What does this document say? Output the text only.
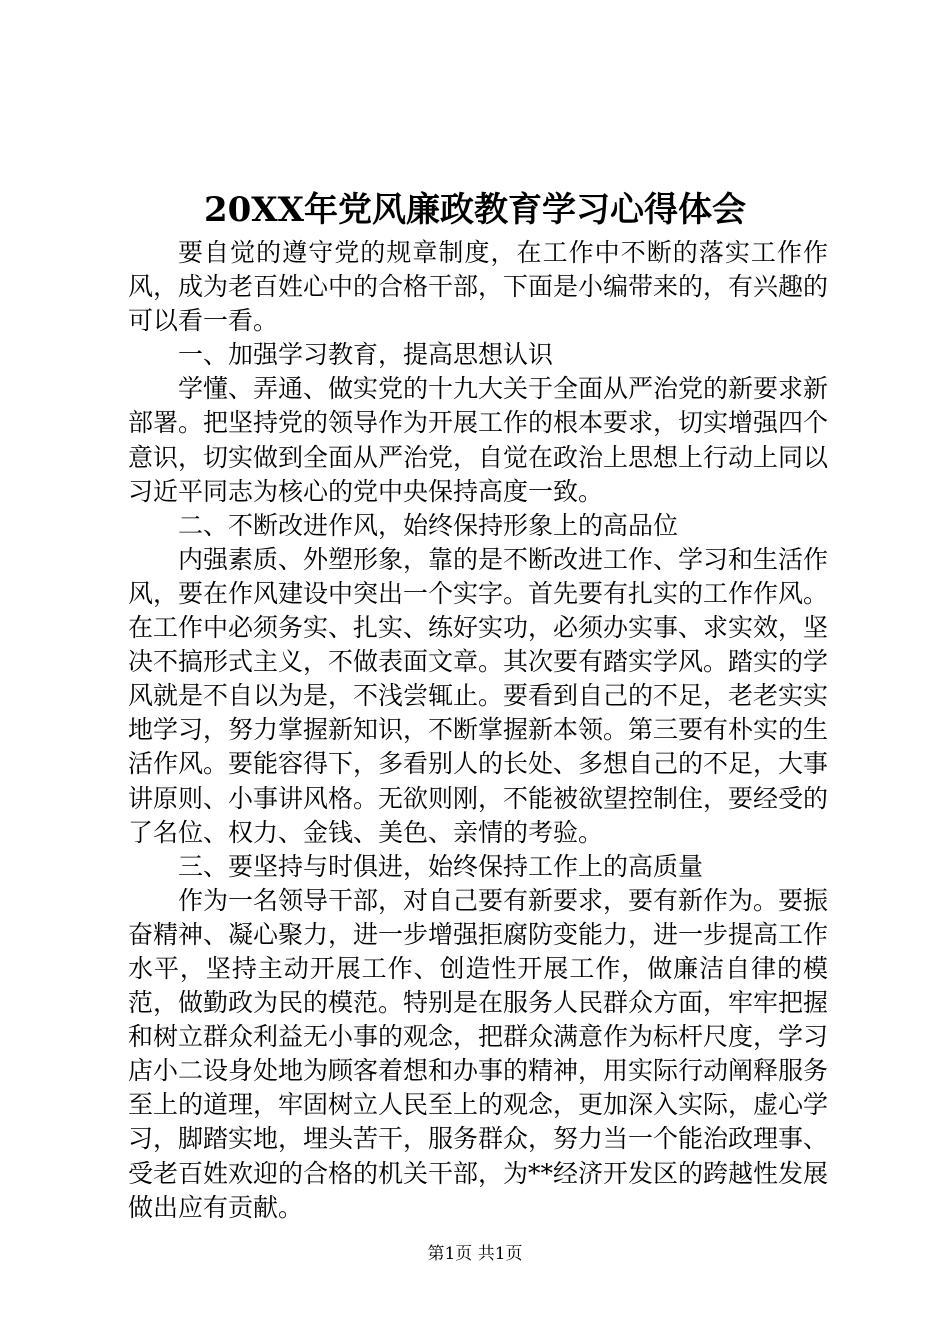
20XX年党风廉政教育学习心得体会

要自觉的遵守党的规章制度，在工作中不断的落实工作作风，成为老百姓心中的合格干部，下面是小编带来的，有兴趣的可以看一看。

一、加强学习教育，提高思想认识

学懂、弄通、做实党的十九大关于全面从严治党的新要求新部署。把坚持党的领导作为开展工作的根本要求，切实增强四个意识，切实做到全面从严治党，自觉在政治上思想上行动上同以习近平同志为核心的党中央保持高度一致。

二、不断改进作风，始终保持形象上的高品位

内强素质、外塑形象，靠的是不断改进工作、学习和生活作风，要在作风建设中突出一个实字。首先要有扎实的工作作风。在工作中必须务实、扎实、练好实功，必须办实事、求实效，坚决不搞形式主义，不做表面文章。其次要有踏实学风。踏实的学风就是不自以为是，不浅尝辄止。要看到自己的不足，老老实实地学习，努力掌握新知识，不断掌握新本领。第三要有朴实的生活作风。要能容得下，多看别人的长处、多想自己的不足，大事讲原则、小事讲风格。无欲则刚，不能被欲望控制住，要经受的了名位、权力、金钱、美色、亲情的考验。

三、要坚持与时俱进，始终保持工作上的高质量

作为一名领导干部，对自己要有新要求，要有新作为。要振奋精神、凝心聚力，进一步增强拒腐防变能力，进一步提高工作水平，坚持主动开展工作、创造性开展工作，做廉洁自律的模范，做勤政为民的模范。特别是在服务人民群众方面，牢牢把握和树立群众利益无小事的观念，把群众满意作为标杆尺度，学习店小二设身处地为顾客着想和办事的精神，用实际行动阐释服务至上的道理，牢固树立人民至上的观念，更加深入实际，虚心学习，脚踏实地，埋头苦干，服务群众，努力当一个能治政理事、受老百姓欢迎的合格的机关干部，为**经济开发区的跨越性发展做出应有贡献。

第1页 共1页
